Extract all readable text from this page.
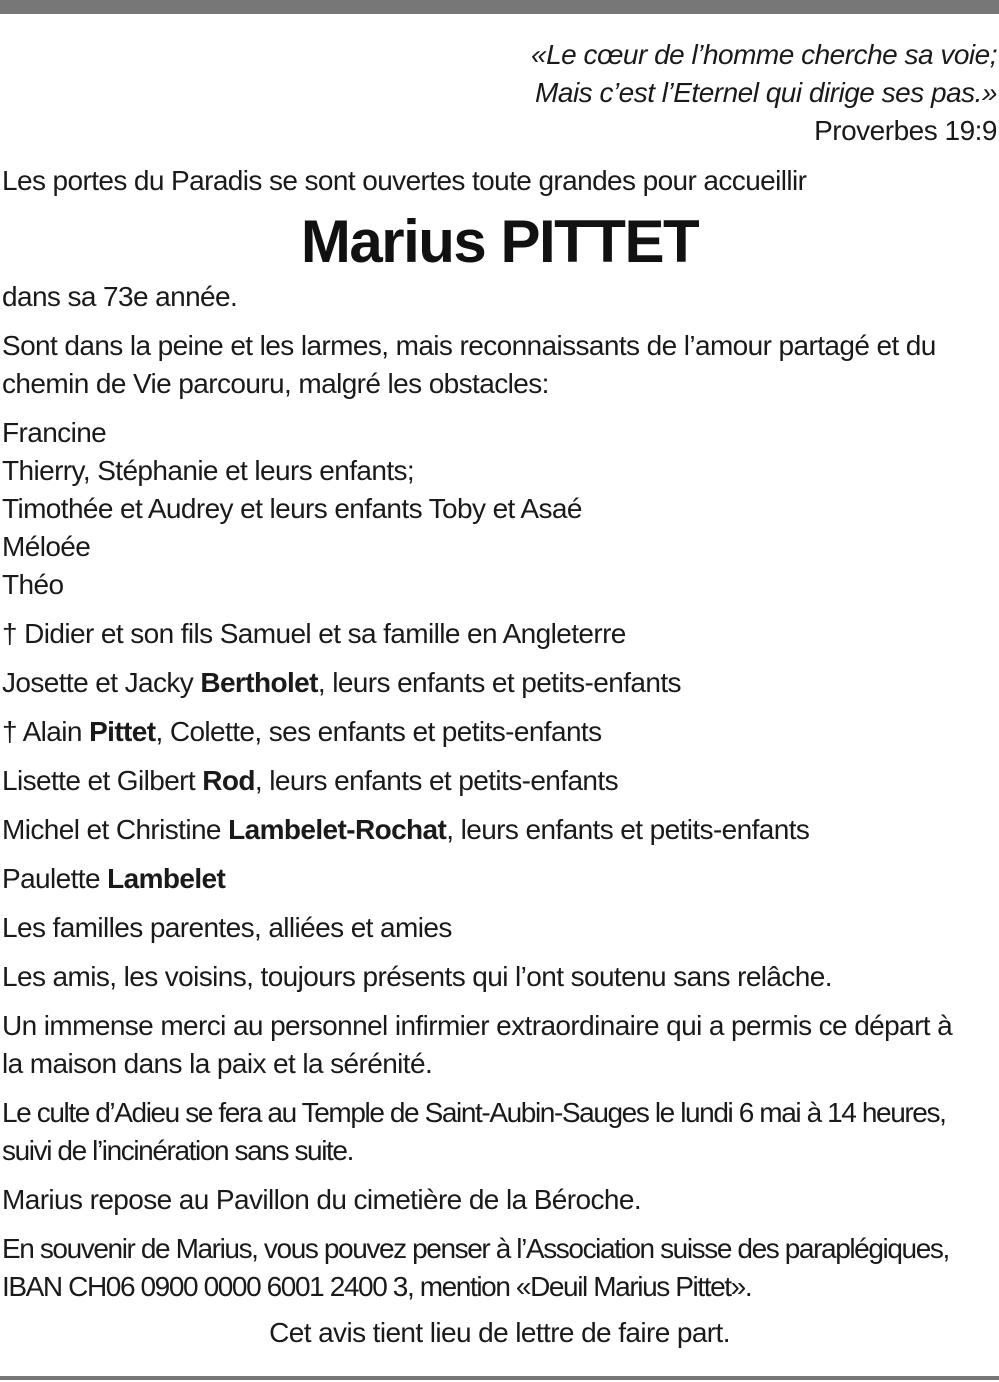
«Le cœur de l’homme cherche sa voie;
Mais c’est l’Eternel qui dirige ses pas.»
Proverbes 19:9
Les portes du Paradis se sont ouvertes toute grandes pour accueillir
Marius PITTET
dans sa 73e année.
Sont dans la peine et les larmes, mais reconnaissants de l’amour partagé et du
chemin de Vie parcouru, malgré les obstacles:
Francine
Thierry, Stéphanie et leurs enfants;
Timothée et Audrey et leurs enfants Toby et Asaé
Méloée
Théo
† Didier et son fils Samuel et sa famille en Angleterre
Josette et Jacky Bertholet, leurs enfants et petits-enfants
† Alain Pittet, Colette, ses enfants et petits-enfants
Lisette et Gilbert Rod, leurs enfants et petits-enfants
Michel et Christine Lambelet-Rochat, leurs enfants et petits-enfants
Paulette Lambelet
Les familles parentes, alliées et amies
Les amis, les voisins, toujours présents qui l’ont soutenu sans relâche.
Un immense merci au personnel infirmier extraordinaire qui a permis ce départ à
la maison dans la paix et la sérénité.
Le culte d’Adieu se fera au Temple de Saint-Aubin-Sauges le lundi 6 mai à 14 heures,
suivi de l’incinération sans suite.
Marius repose au Pavillon du cimetière de la Béroche.
En souvenir de Marius, vous pouvez penser à l’Association suisse des paraplégiques,
IBAN CH06 0900 0000 6001 2400 3, mention «Deuil Marius Pittet».
Cet avis tient lieu de lettre de faire part.
